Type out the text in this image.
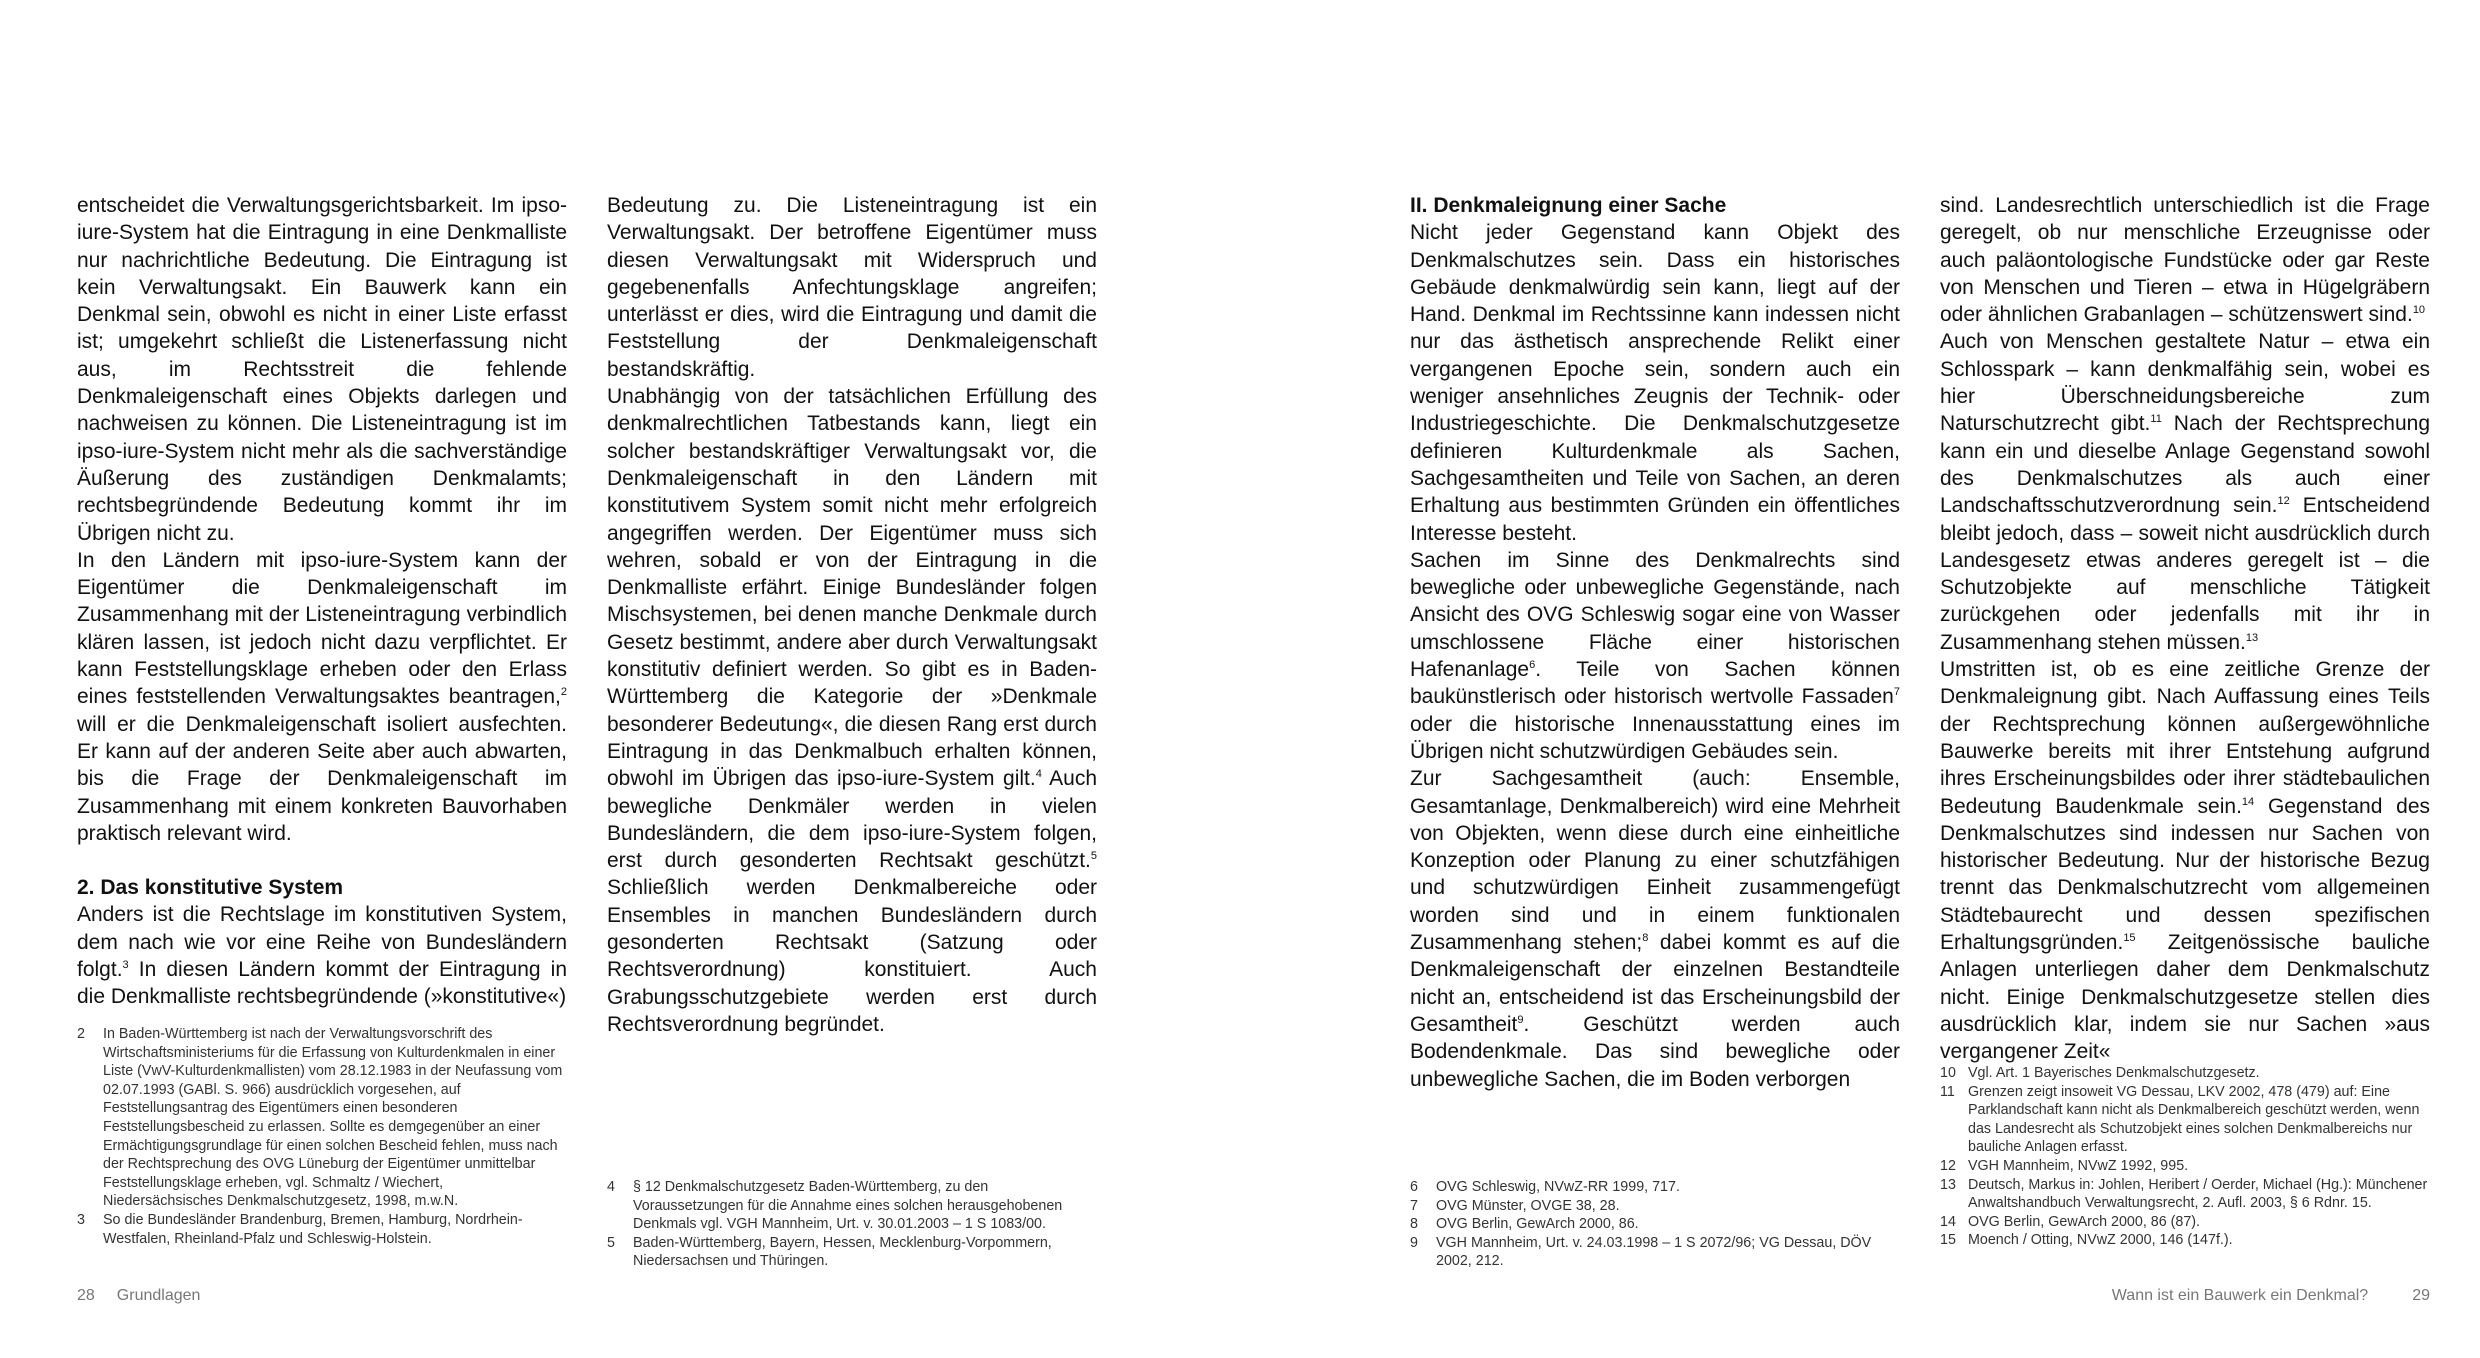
entscheidet die Verwaltungsgerichtsbarkeit. Im ipso-iure-System hat die Eintragung in eine Denkmalliste nur nachrichtliche Bedeutung. Die Eintragung ist kein Verwaltungsakt. Ein Bauwerk kann ein Denkmal sein, obwohl es nicht in einer Liste erfasst ist; umgekehrt schließt die Listenerfassung nicht aus, im Rechtsstreit die fehlende Denkmaleigenschaft eines Objekts darlegen und nachweisen zu können. Die Listeneintragung ist im ipso-iure-System nicht mehr als die sachverständige Äußerung des zuständigen Denkmalamts; rechtsbegründende Bedeutung kommt ihr im Übrigen nicht zu.

In den Ländern mit ipso-iure-System kann der Eigentümer die Denkmaleigenschaft im Zusammenhang mit der Listeneintragung verbindlich klären lassen, ist jedoch nicht dazu verpflichtet. Er kann Feststellungsklage erheben oder den Erlass eines feststellenden Verwaltungsaktes beantragen,$^2$ will er die Denkmaleigenschaft isoliert ausfechten. Er kann auf der anderen Seite aber auch abwarten, bis die Frage der Denkmaleigenschaft im Zusammenhang mit einem konkreten Bauvorhaben praktisch relevant wird.

2. Das konstitutive System

Anders ist die Rechtslage im konstitutiven System, dem nach wie vor eine Reihe von Bundesländern folgt.$^3$ In diesen Ländern kommt der Eintragung in die Denkmalliste rechtsbegründende (»konstitutive«)

Bedeutung zu. Die Listeneintragung ist ein Verwaltungsakt. Der betroffene Eigentümer muss diesen Verwaltungsakt mit Widerspruch und gegebenenfalls Anfechtungsklage angreifen; unterlässt er dies, wird die Eintragung und damit die Feststellung der Denkmaleigenschaft bestandskräftig.

Unabhängig von der tatsächlichen Erfüllung des denkmalrechtlichen Tatbestands kann, liegt ein solcher bestandskräftiger Verwaltungsakt vor, die Denkmaleigenschaft in den Ländern mit konstitutivem System somit nicht mehr erfolgreich angegriffen werden. Der Eigentümer muss sich wehren, sobald er von der Eintragung in die Denkmalliste erfährt. Einige Bundesländer folgen Mischsystemen, bei denen manche Denkmale durch Gesetz bestimmt, andere aber durch Verwaltungsakt konstitutiv definiert werden. So gibt es in Baden-Württemberg die Kategorie der »Denkmale besonderer Bedeutung«, die diesen Rang erst durch Eintragung in das Denkmalbuch erhalten können, obwohl im Übrigen das ipso-iure-System gilt.$^4$ Auch bewegliche Denkmäler werden in vielen Bundesländern, die dem ipso-iure-System folgen, erst durch gesonderten Rechtsakt geschützt.$^5$ Schließlich werden Denkmalbereiche oder Ensembles in manchen Bundesländern durch gesonderten Rechtsakt (Satzung oder Rechtsverordnung) konstituiert. Auch Grabungsschutzgebiete werden erst durch Rechtsverordnung begründet.

2 In Baden-Württemberg ist nach der Verwaltungsvorschrift des Wirtschaftsministeriums für die Erfassung von Kulturdenkmalen in einer Liste (VwV-Kulturdenkmallisten) vom 28.12.1983 in der Neufassung vom 02.07.1993 (GABl. S. 966) ausdrücklich vorgesehen, auf Feststellungsantrag des Eigentümers einen besonderen Feststellungsbescheid zu erlassen. Sollte es demgegenüber an einer Ermächtigungsgrundlage für einen solchen Bescheid fehlen, muss nach der Rechtsprechung des OVG Lüneburg der Eigentümer unmittelbar Feststellungsklage erheben, vgl. Schmaltz / Wiechert, Niedersächsisches Denkmalschutzgesetz, 1998, m.w.N.

3 So die Bundesländer Brandenburg, Bremen, Hamburg, Nordrhein-Westfalen, Rheinland-Pfalz und Schleswig-Holstein.

4 § 12 Denkmalschutzgesetz Baden-Württemberg, zu den Voraussetzungen für die Annahme eines solchen herausgehobenen Denkmals vgl. VGH Mannheim, Urt. v. 30.01.2003 – 1 S 1083/00.

5 Baden-Württemberg, Bayern, Hessen, Mecklenburg-Vorpommern, Niedersachsen und Thüringen.

28 Grundlagen

II. Denkmaleignung einer Sache

Nicht jeder Gegenstand kann Objekt des Denkmalschutzes sein. Dass ein historisches Gebäude denkmalwürdig sein kann, liegt auf der Hand. Denkmal im Rechtssinne kann indessen nicht nur das ästhetisch ansprechende Relikt einer vergangenen Epoche sein, sondern auch ein weniger ansehnliches Zeugnis der Technik- oder Industriegeschichte. Die Denkmalschutzgesetze definieren Kulturdenkmale als Sachen, Sachgesamtheiten und Teile von Sachen, an deren Erhaltung aus bestimmten Gründen ein öffentliches Interesse besteht.

Sachen im Sinne des Denkmalrechts sind bewegliche oder unbewegliche Gegenstände, nach Ansicht des OVG Schleswig sogar eine von Wasser umschlossene Fläche einer historischen Hafenanlage$^6$. Teile von Sachen können baukünstlerisch oder historisch wertvolle Fassaden$^7$ oder die historische Innenausstattung eines im Übrigen nicht schutzwürdigen Gebäudes sein.

Zur Sachgesamtheit (auch: Ensemble, Gesamtanlage, Denkmalbereich) wird eine Mehrheit von Objekten, wenn diese durch eine einheitliche Konzeption oder Planung zu einer schutzfähigen und schutzwürdigen Einheit zusammengefügt worden sind und in einem funktionalen Zusammenhang stehen;$^8$ dabei kommt es auf die Denkmaleigenschaft der einzelnen Bestandteile nicht an, entscheidend ist das Erscheinungsbild der Gesamtheit$^9$. Geschützt werden auch Bodendenkmale. Das sind bewegliche oder unbewegliche Sachen, die im Boden verborgen

sind. Landesrechtlich unterschiedlich ist die Frage geregelt, ob nur menschliche Erzeugnisse oder auch paläontologische Fundstücke oder gar Reste von Menschen und Tieren – etwa in Hügelgräbern oder ähnlichen Grabanlagen – schützenswert sind.$^{10}$

Auch von Menschen gestaltete Natur – etwa ein Schlosspark – kann denkmalfähig sein, wobei es hier Überschneidungsbereiche zum Naturschutzrecht gibt.$^{11}$ Nach der Rechtsprechung kann ein und dieselbe Anlage Gegenstand sowohl des Denkmalschutzes als auch einer Landschaftsschutzverordnung sein.$^{12}$ Entscheidend bleibt jedoch, dass – soweit nicht ausdrücklich durch Landesgesetz etwas anderes geregelt ist – die Schutzobjekte auf menschliche Tätigkeit zurückgehen oder jedenfalls mit ihr in Zusammenhang stehen müssen.$^{13}$

Umstritten ist, ob es eine zeitliche Grenze der Denkmaleignung gibt. Nach Auffassung eines Teils der Rechtsprechung können außergewöhnliche Bauwerke bereits mit ihrer Entstehung aufgrund ihres Erscheinungsbildes oder ihrer städtebaulichen Bedeutung Baudenkmale sein.$^{14}$ Gegenstand des Denkmalschutzes sind indessen nur Sachen von historischer Bedeutung. Nur der historische Bezug trennt das Denkmalschutzrecht vom allgemeinen Städtebaurecht und dessen spezifischen Erhaltungsgründen.$^{15}$ Zeitgenössische bauliche Anlagen unterliegen daher dem Denkmalschutz nicht. Einige Denkmalschutzgesetze stellen dies ausdrücklich klar, indem sie nur Sachen »aus vergangener Zeit«

6 OVG Schleswig, NVwZ-RR 1999, 717.

7 OVG Münster, OVGE 38, 28.

8 OVG Berlin, GewArch 2000, 86.

9 VGH Mannheim, Urt. v. 24.03.1998 – 1 S 2072/96; VG Dessau, DÖV 2002, 212.

10 Vgl. Art. 1 Bayerisches Denkmalschutzgesetz.

11 Grenzen zeigt insoweit VG Dessau, LKV 2002, 478 (479) auf: Eine Parklandschaft kann nicht als Denkmalbereich geschützt werden, wenn das Landesrecht als Schutzobjekt eines solchen Denkmalbereichs nur bauliche Anlagen erfasst.

12 VGH Mannheim, NVwZ 1992, 995.

13 Deutsch, Markus in: Johlen, Heribert / Oerder, Michael (Hg.): Münchener Anwaltshandbuch Verwaltungsrecht, 2. Aufl. 2003, § 6 Rdnr. 15.

14 OVG Berlin, GewArch 2000, 86 (87).

15 Moench / Otting, NVwZ 2000, 146 (147f.).

Wann ist ein Bauwerk ein Denkmal?	29
